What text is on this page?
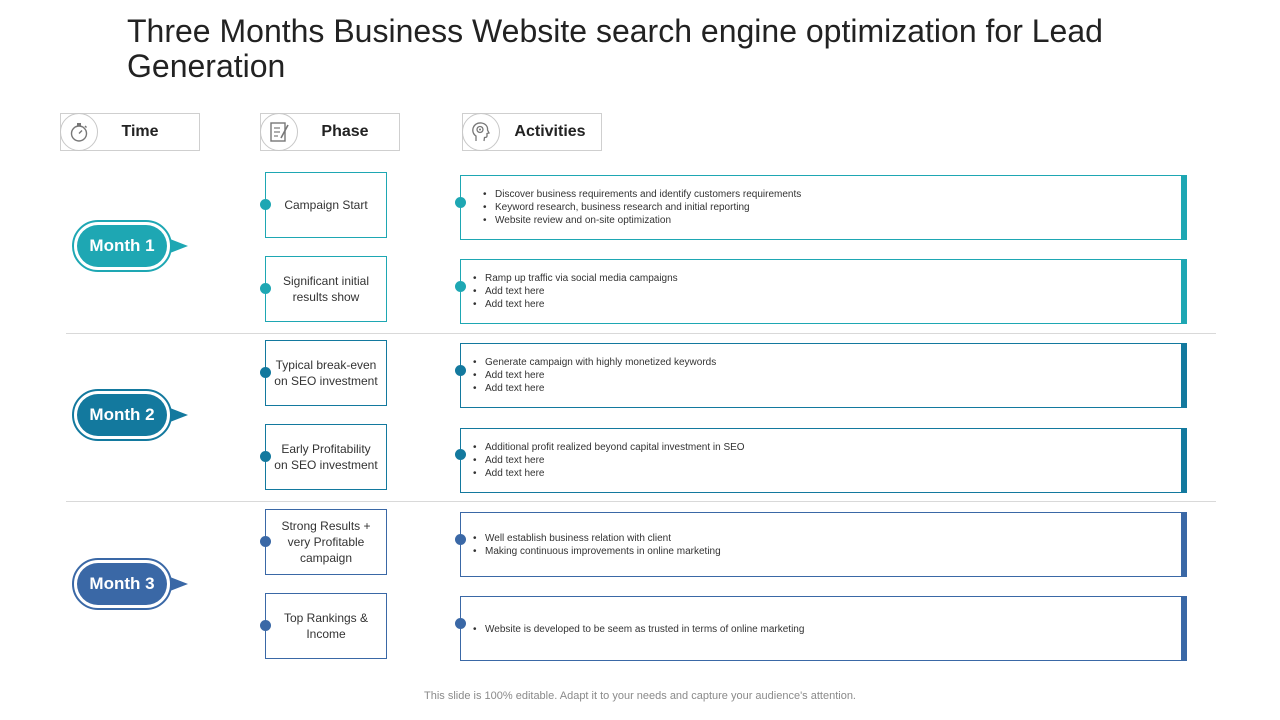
Three Months Business Website search engine optimization for Lead Generation
Time	Phase	Activities
Month 1
Month 2
Month 3
Campaign Start
• Discover business requirements and identify customers requirements
• Keyword research, business research and initial reporting
• Website review and on-site optimization
Significant initial results show
• Ramp up traffic via social media campaigns
• Add text here
• Add text here
Typical break-even on SEO investment
• Generate campaign with highly monetized keywords
• Add text here
• Add text here
Early Profitability on SEO investment
• Additional profit realized beyond capital investment in SEO
• Add text here
• Add text here
Strong Results + very Profitable campaign
• Well establish business relation with client
• Making continuous improvements in online marketing
Top Rankings & Income
•	Website is developed to be seem as trusted in terms of online marketing
This slide is 100% editable. Adapt it to your needs and capture your audience's attention.
